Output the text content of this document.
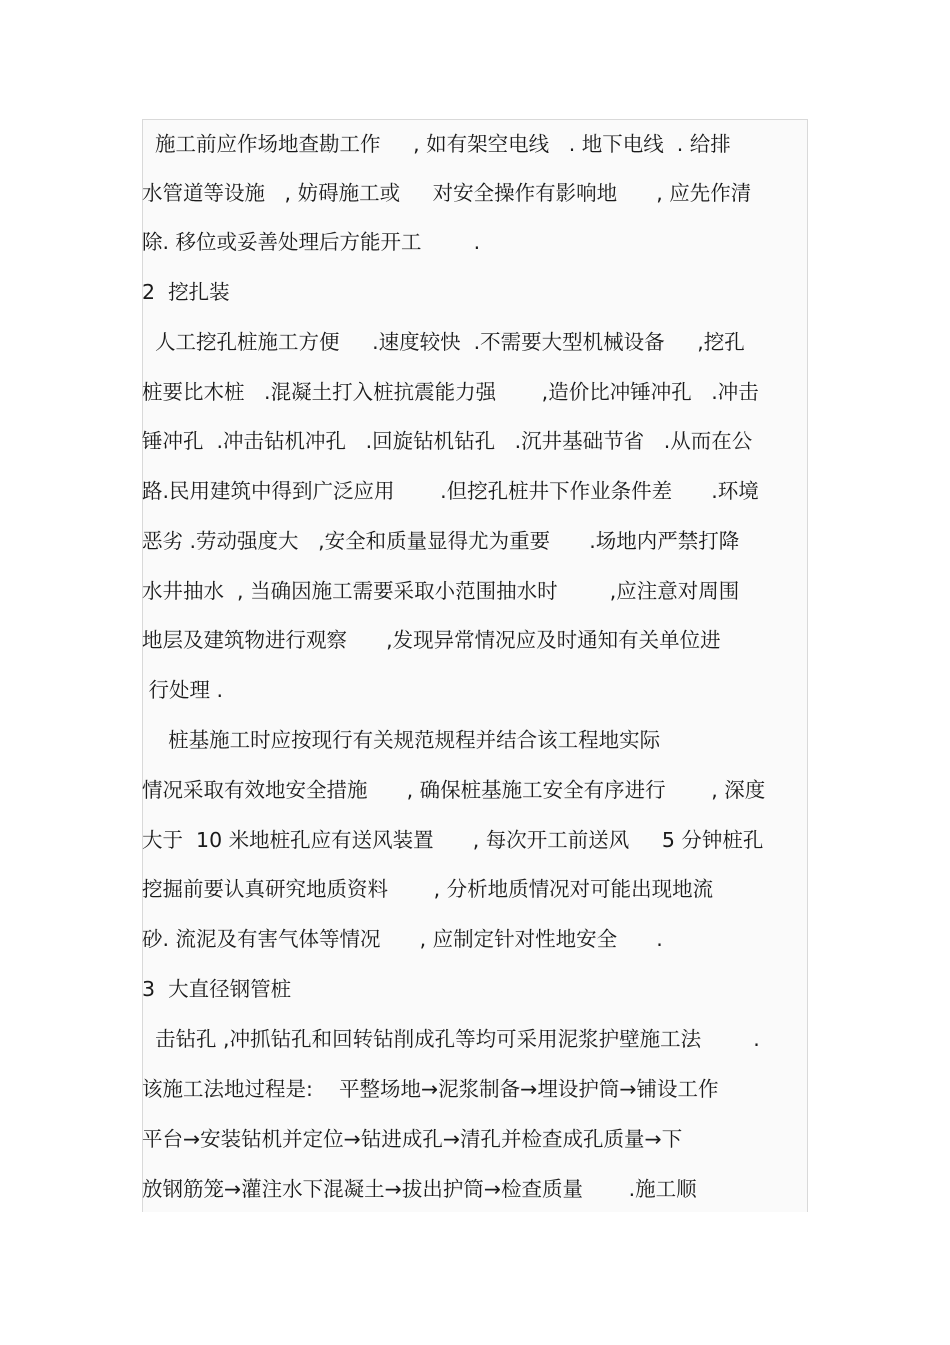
施工前应作场地查勘工作     , 如有架空电线   . 地下电线  . 给排
水管道等设施   , 妨碍施工或     对安全操作有影响地      , 应先作清
除. 移位或妥善处理后方能开工        .
2  挖扎装
人工挖孔桩施工方便     .速度较快  .不需要大型机械设备     ,挖孔
桩要比木桩   .混凝土打入桩抗震能力强       ,造价比冲锤冲孔   .冲击
锤冲孔  .冲击钻机冲孔   .回旋钻机钻孔   .沉井基础节省   .从而在公
路.民用建筑中得到广泛应用       .但挖孔桩井下作业条件差      .环境
恶劣 .劳动强度大   ,安全和质量显得尤为重要      .场地内严禁打降
水井抽水  , 当确因施工需要采取小范围抽水时        ,应注意对周围
地层及建筑物进行观察      ,发现异常情况应及时通知有关单位进
行处理 .
桩基施工时应按现行有关规范规程并结合该工程地实际
情况采取有效地安全措施      , 确保桩基施工安全有序进行       , 深度
大于  10 米地桩孔应有送风装置      , 每次开工前送风     5 分钟桩孔
挖掘前要认真研究地质资料       , 分析地质情况对可能出现地流
砂. 流泥及有害气体等情况      , 应制定针对性地安全      .
3  大直径钢管桩
击钻孔 ,冲抓钻孔和回转钻削成孔等均可采用泥浆护壁施工法        .
该施工法地过程是:    平整场地→泥浆制备→埋设护筒→铺设工作
平台→安装钻机并定位→钻进成孔→清孔并检查成孔质量→下
放钢筋笼→灌注水下混凝土→拔出护筒→检查质量       .施工顺
